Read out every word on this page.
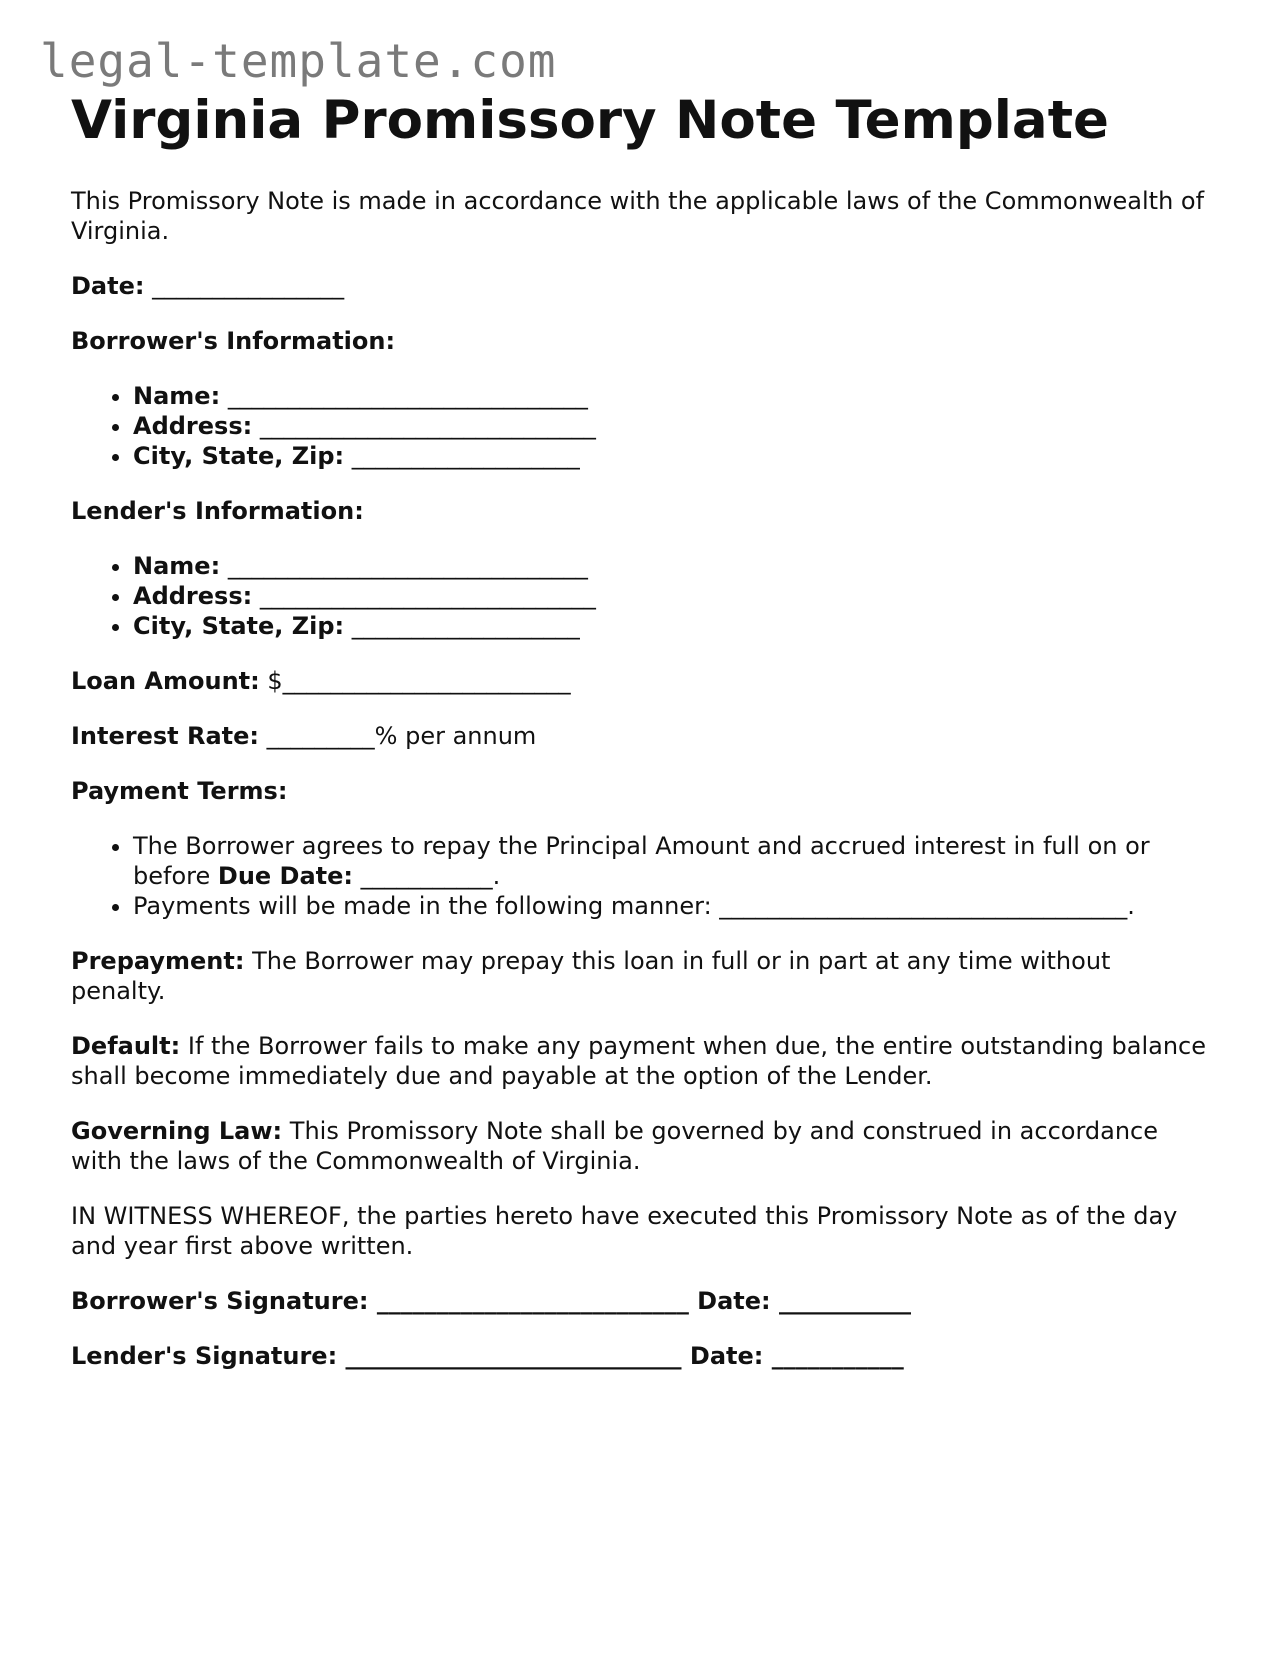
legal-template.com
Virginia Promissory Note Template

This Promissory Note is made in accordance with the applicable laws of the Commonwealth of Virginia.

Date: ________________

Borrower's Information:

• Name: ______________________________
• Address: ____________________________
• City, State, Zip: ___________________

Lender's Information:

• Name: ______________________________
• Address: ____________________________
• City, State, Zip: ___________________

Loan Amount: $________________________

Interest Rate: _________% per annum

Payment Terms:

• The Borrower agrees to repay the Principal Amount and accrued interest in full on or before Due Date: ___________.
• Payments will be made in the following manner: __________________________________.

Prepayment: The Borrower may prepay this loan in full or in part at any time without penalty.

Default: If the Borrower fails to make any payment when due, the entire outstanding balance shall become immediately due and payable at the option of the Lender.

Governing Law: This Promissory Note shall be governed by and construed in accordance with the laws of the Commonwealth of Virginia.

IN WITNESS WHEREOF, the parties hereto have executed this Promissory Note as of the day and year first above written.

Borrower's Signature: __________________________ Date: ___________

Lender's Signature: ____________________________ Date: ___________
